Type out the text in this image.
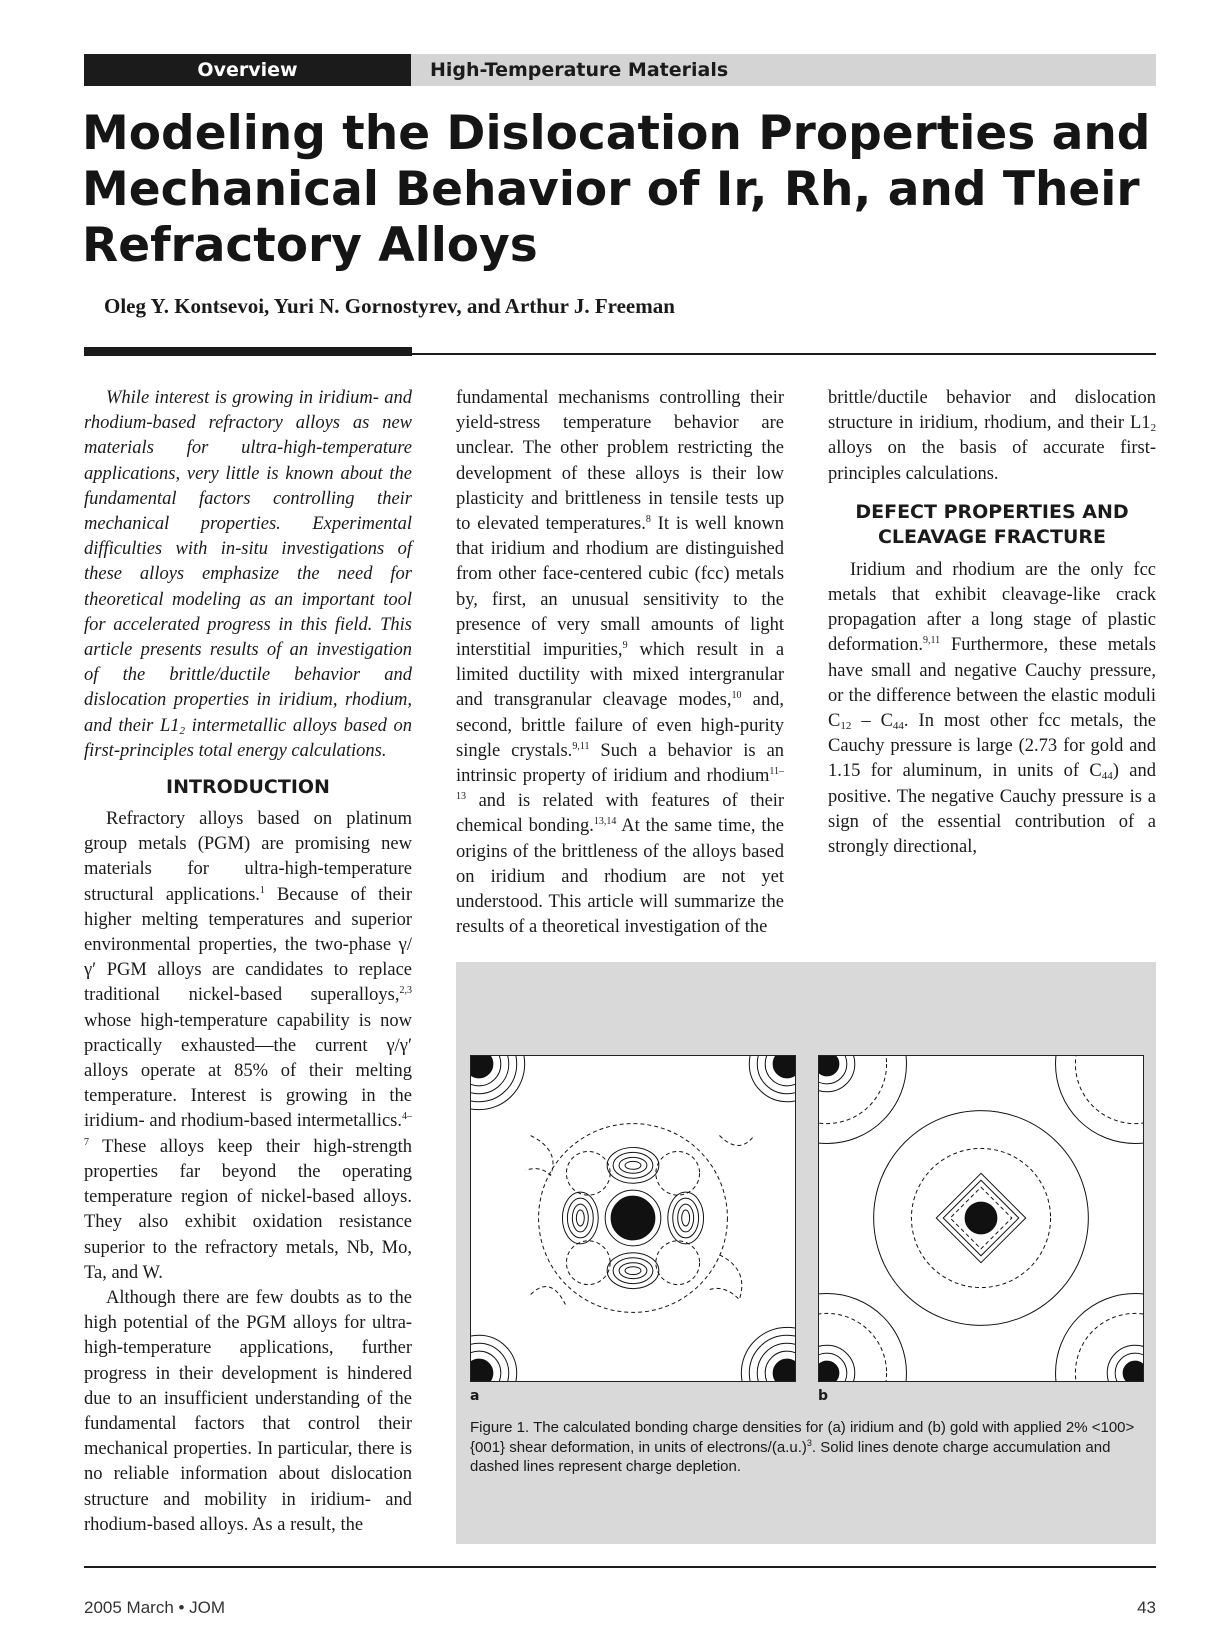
Overview	High-Temperature Materials
Modeling the Dislocation Properties and Mechanical Behavior of Ir, Rh, and Their Refractory Alloys
Oleg Y. Kontsevoi, Yuri N. Gornostyrev, and Arthur J. Freeman

While interest is growing in iridium- and rhodium-based refractory alloys as new materials for ultra-high-temperature applications, very little is known about the fundamental factors controlling their mechanical properties. Experimental difficulties with in-situ investigations of these alloys emphasize the need for theoretical modeling as an important tool for accelerated progress in this field. This article presents results of an investigation of the brittle/ductile behavior and dislocation properties in iridium, rhodium, and their $L1_2$ intermetallic alloys based on first-principles total energy calculations.

INTRODUCTION

Refractory alloys based on platinum group metals (PGM) are promising new materials for ultra-high-temperature structural applications.$^1$ Because of their higher melting temperatures and superior environmental properties, the two-phase γ/γ′ PGM alloys are candidates to replace traditional nickel-based superalloys,$^{2,3}$ whose high-temperature capability is now practically exhausted—the current γ/γ′ alloys operate at 85% of their melting temperature. Interest is growing in the iridium- and rhodium-based intermetallics.$^{4-7}$ These alloys keep their high-strength properties far beyond the operating temperature region of nickel-based alloys. They also exhibit oxidation resistance superior to the refractory metals, Nb, Mo, Ta, and W.

Although there are few doubts as to the high potential of the PGM alloys for ultra-high-temperature applications, further progress in their development is hindered due to an insufficient understanding of the fundamental factors that control their mechanical properties. In particular, there is no reliable information about dislocation structure and mobility in iridium- and rhodium-based alloys. As a result, the

fundamental mechanisms controlling their yield-stress temperature behavior are unclear. The other problem restricting the development of these alloys is their low plasticity and brittleness in tensile tests up to elevated temperatures.$^8$ It is well known that iridium and rhodium are distinguished from other face-centered cubic (fcc) metals by, first, an unusual sensitivity to the presence of very small amounts of light interstitial impurities,$^9$ which result in a limited ductility with mixed intergranular and transgranular cleavage modes,$^{10}$ and, second, brittle failure of even high-purity single crystals.$^{9,11}$ Such a behavior is an intrinsic property of iridium and rhodium$^{11-13}$ and is related with features of their chemical bonding.$^{13,14}$ At the same time, the origins of the brittleness of the alloys based on iridium and rhodium are not yet understood. This article will summarize the results of a theoretical investigation of the

brittle/ductile behavior and dislocation structure in iridium, rhodium, and their $L1_2$ alloys on the basis of accurate first-principles calculations.

DEFECT PROPERTIES AND CLEAVAGE FRACTURE

Iridium and rhodium are the only fcc metals that exhibit cleavage-like crack propagation after a long stage of plastic deformation.$^{9,11}$ Furthermore, these metals have small and negative Cauchy pressure, or the difference between the elastic moduli $C_{12} - C_{44}$. In most other fcc metals, the Cauchy pressure is large (2.73 for gold and 1.15 for aluminum, in units of $C_{44}$) and positive. The negative Cauchy pressure is a sign of the essential contribution of a strongly directional,

a	b
Figure 1. The calculated bonding charge densities for (a) iridium and (b) gold with applied 2% <100>{001} shear deformation, in units of electrons/$(a.u.)^3$. Solid lines denote charge accumulation and dashed lines represent charge depletion.
2005 March • JOM	43
